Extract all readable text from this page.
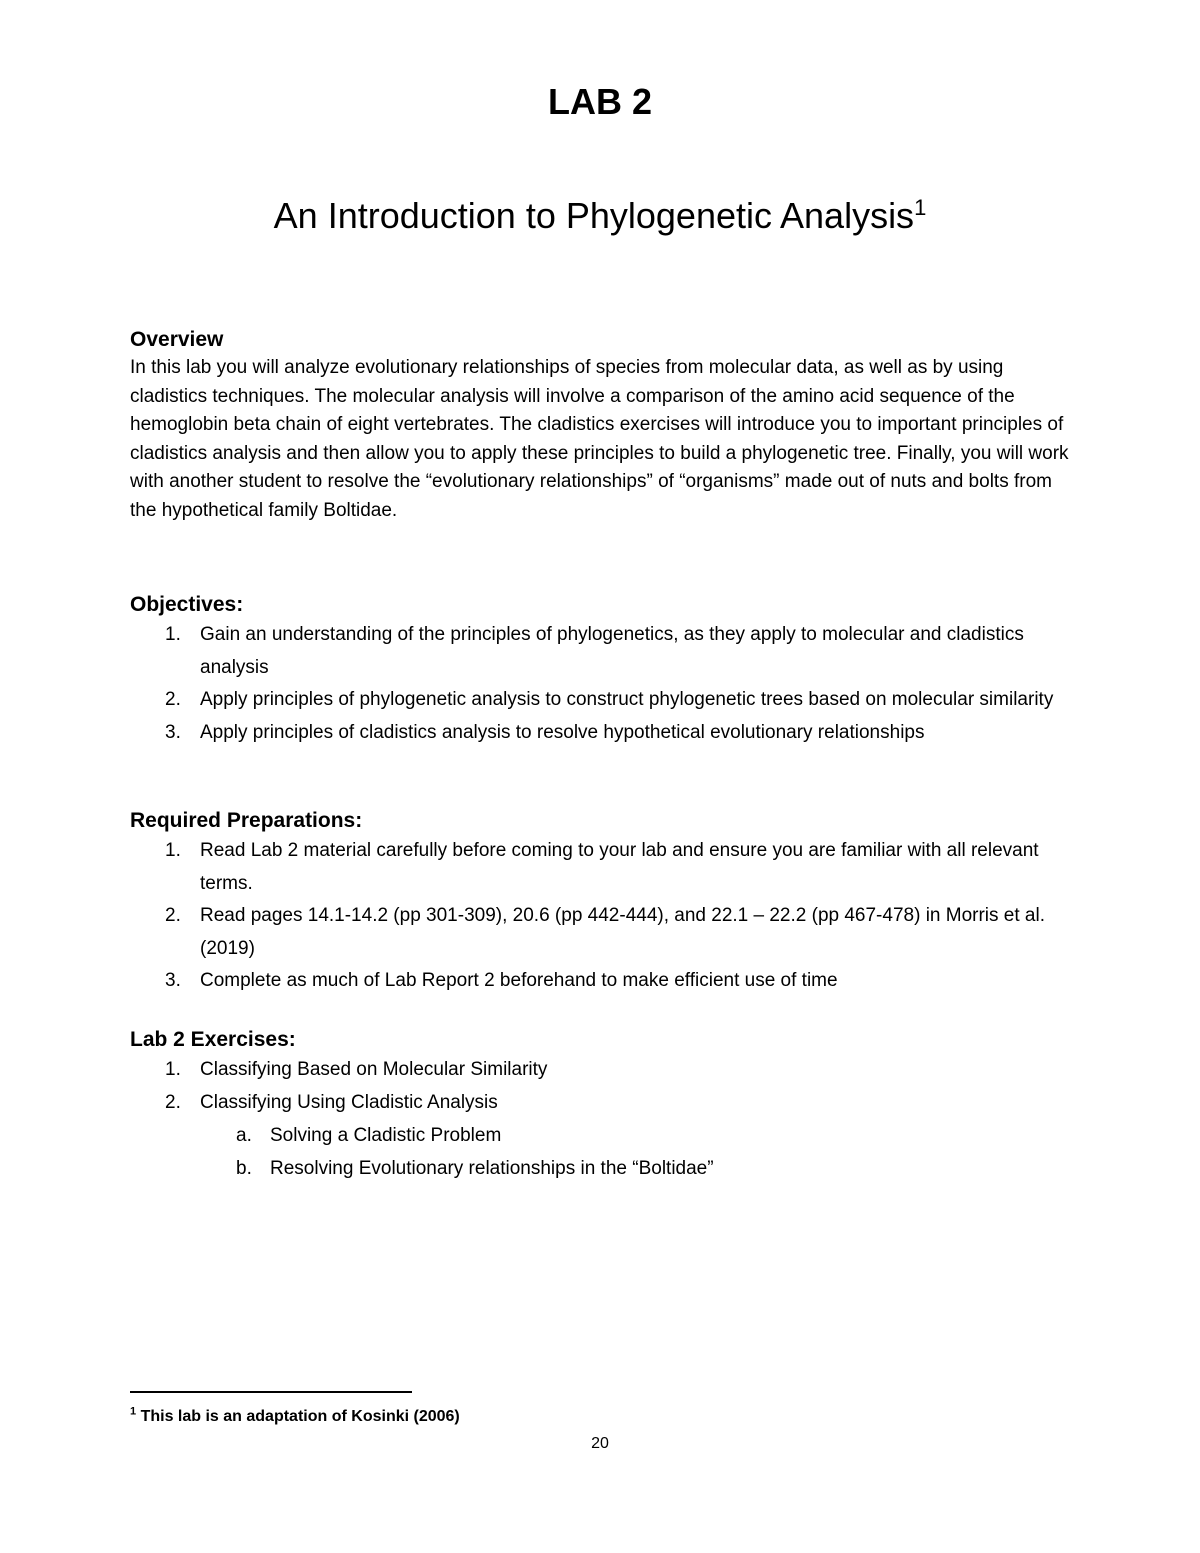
LAB 2
An Introduction to Phylogenetic Analysis$^1$

Overview

In this lab you will analyze evolutionary relationships of species from molecular data, as well as by using cladistics techniques. The molecular analysis will involve a comparison of the amino acid sequence of the hemoglobin beta chain of eight vertebrates. The cladistics exercises will introduce you to important principles of cladistics analysis and then allow you to apply these principles to build a phylogenetic tree. Finally, you will work with another student to resolve the “evolutionary relationships” of “organisms” made out of nuts and bolts from the hypothetical family Boltidae.

Objectives:

1. Gain an understanding of the principles of phylogenetics, as they apply to molecular and cladistics analysis
2. Apply principles of phylogenetic analysis to construct phylogenetic trees based on molecular similarity
3. Apply principles of cladistics analysis to resolve hypothetical evolutionary relationships

Required Preparations:

1. Read Lab 2 material carefully before coming to your lab and ensure you are familiar with all relevant terms.
2. Read pages 14.1-14.2 (pp 301-309), 20.6 (pp 442-444), and 22.1 – 22.2 (pp 467-478) in Morris et al. (2019)
3. Complete as much of Lab Report 2 beforehand to make efficient use of time

Lab 2 Exercises:

1. Classifying Based on Molecular Similarity
2. Classifying Using Cladistic Analysis
a. Solving a Cladistic Problem
b. Resolving Evolutionary relationships in the “Boltidae”
$^1$ This lab is an adaptation of Kosinki (2006)
20
